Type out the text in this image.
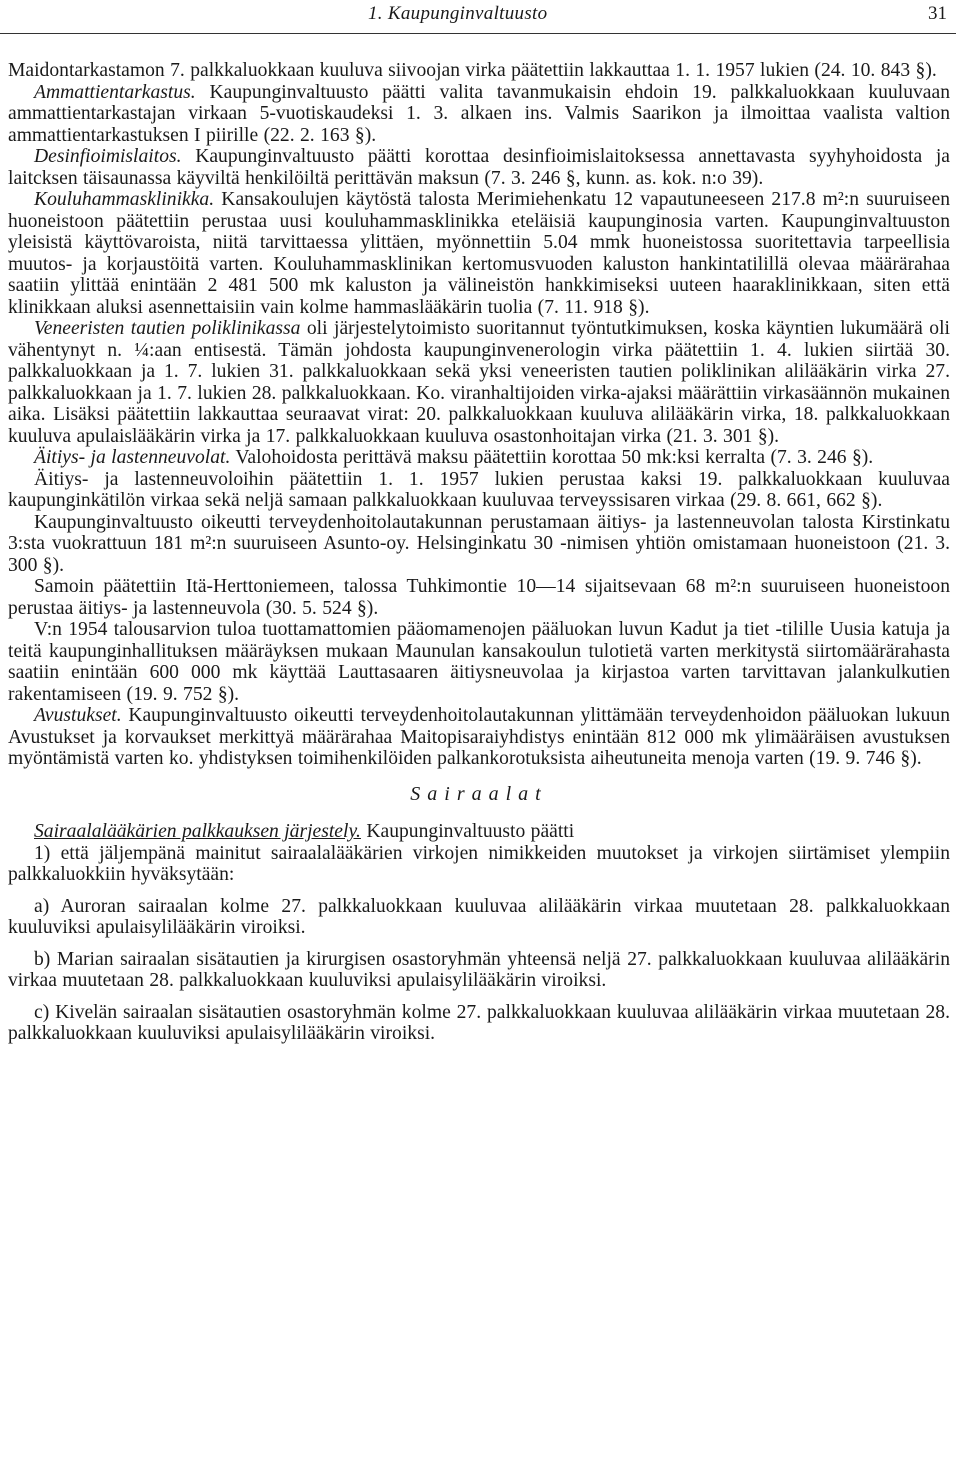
1. Kaupunginvaltuusto	31

Maidontarkastamon 7. palkkaluokkaan kuuluva siivoojan virka päätettiin lakkauttaa 1. 1. 1957 lukien (24. 10. 843 §).

Ammattientarkastus. Kaupunginvaltuusto päätti valita tavanmukaisin ehdoin 19. palkkaluokkaan kuuluvaan ammattientarkastajan virkaan 5-vuotiskaudeksi 1. 3. alkaen ins. Valmis Saarikon ja ilmoittaa vaalista valtion ammattientarkastuksen I piirille (22. 2. 163 §).

Desinfioimislaitos. Kaupunginvaltuusto päätti korottaa desinfioimislaitoksessa annettavasta syyhyhoidosta ja laitcksen täisaunassa käyviltä henkilöiltä perittävän maksun (7. 3. 246 §, kunn. as. kok. n:o 39).

Kouluhammasklinikka. Kansakoulujen käytöstä talosta Merimiehenkatu 12 vapautuneeseen 217.8 m²:n suuruiseen huoneistoon päätettiin perustaa uusi kouluhammasklinikka eteläisiä kaupunginosia varten. Kaupunginvaltuuston yleisistä käyttövaroista, niitä tarvittaessa ylittäen, myönnettiin 5.04 mmk huoneistossa suoritettavia tarpeellisia muutos- ja korjaustöitä varten. Kouluhammasklinikan kertomusvuoden kaluston hankintatilillä olevaa määrärahaa saatiin ylittää enintään 2 481 500 mk kaluston ja välineistön hankkimiseksi uuteen haaraklinikkaan, siten että klinikkaan aluksi asennettaisiin vain kolme hammaslääkärin tuolia (7. 11. 918 §).

Veneeristen tautien poliklinikassa oli järjestelytoimisto suoritannut työntutkimuksen, koska käyntien lukumäärä oli vähentynyt n. ¼:aan entisestä. Tämän johdosta kaupunginvenerologin virka päätettiin 1. 4. lukien siirtää 30. palkkaluokkaan ja 1. 7. lukien 31. palkkaluokkaan sekä yksi veneeristen tautien poliklinikan alilääkärin virka 27. palkkaluokkaan ja 1. 7. lukien 28. palkkaluokkaan. Ko. viranhaltijoiden virka-ajaksi määrättiin virkasäännön mukainen aika. Lisäksi päätettiin lakkauttaa seuraavat virat: 20. palkkaluokkaan kuuluva alilääkärin virka, 18. palkkaluokkaan kuuluva apulaislääkärin virka ja 17. palkkaluokkaan kuuluva osastonhoitajan virka (21. 3. 301 §).

Äitiys- ja lastenneuvolat. Valohoidosta perittävä maksu päätettiin korottaa 50 mk:ksi kerralta (7. 3. 246 §).

Äitiys- ja lastenneuvoloihin päätettiin 1. 1. 1957 lukien perustaa kaksi 19. palkkaluokkaan kuuluvaa kaupunginkätilön virkaa sekä neljä samaan palkkaluokkaan kuuluvaa terveyssisaren virkaa (29. 8. 661, 662 §).

Kaupunginvaltuusto oikeutti terveydenhoitolautakunnan perustamaan äitiys- ja lastenneuvolan talosta Kirstinkatu 3:sta vuokrattuun 181 m²:n suuruiseen Asunto-oy. Helsinginkatu 30 -nimisen yhtiön omistamaan huoneistoon (21. 3. 300 §).

Samoin päätettiin Itä-Herttoniemeen, talossa Tuhkimontie 10—14 sijaitsevaan 68 m²:n suuruiseen huoneistoon perustaa äitiys- ja lastenneuvola (30. 5. 524 §).

V:n 1954 talousarvion tuloa tuottamattomien pääomamenojen pääluokan luvun Kadut ja tiet -tilille Uusia katuja ja teitä kaupunginhallituksen määräyksen mukaan Maunulan kansakoulun tulotietä varten merkitystä siirtomäärärahasta saatiin enintään 600 000 mk käyttää Lauttasaaren äitiysneuvolaa ja kirjastoa varten tarvittavan jalankulkutien rakentamiseen (19. 9. 752 §).

Avustukset. Kaupunginvaltuusto oikeutti terveydenhoitolautakunnan ylittämään terveydenhoidon pääluokan lukuun Avustukset ja korvaukset merkittyä määrärahaa Maitopisaraiyhdistys enintään 812 000 mk ylimääräisen avustuksen myöntämistä varten ko. yhdistyksen toimihenkilöiden palkankorotuksista aiheutuneita menoja varten (19. 9. 746 §).

Sairaalat

Sairaalalääkärien palkkauksen järjestely. Kaupunginvaltuusto päätti

1) että jäljempänä mainitut sairaalalääkärien virkojen nimikkeiden muutokset ja virkojen siirtämiset ylempiin palkkaluokkiin hyväksytään:

a) Auroran sairaalan kolme 27. palkkaluokkaan kuuluvaa alilääkärin virkaa muutetaan 28. palkkaluokkaan kuuluviksi apulaisylilääkärin viroiksi.

b) Marian sairaalan sisätautien ja kirurgisen osastoryhmän yhteensä neljä 27. palkkaluokkaan kuuluvaa alilääkärin virkaa muutetaan 28. palkkaluokkaan kuuluviksi apulaisylilääkärin viroiksi.

c) Kivelän sairaalan sisätautien osastoryhmän kolme 27. palkkaluokkaan kuuluvaa alilääkärin virkaa muutetaan 28. palkkaluokkaan kuuluviksi apulaisylilääkärin viroiksi.
